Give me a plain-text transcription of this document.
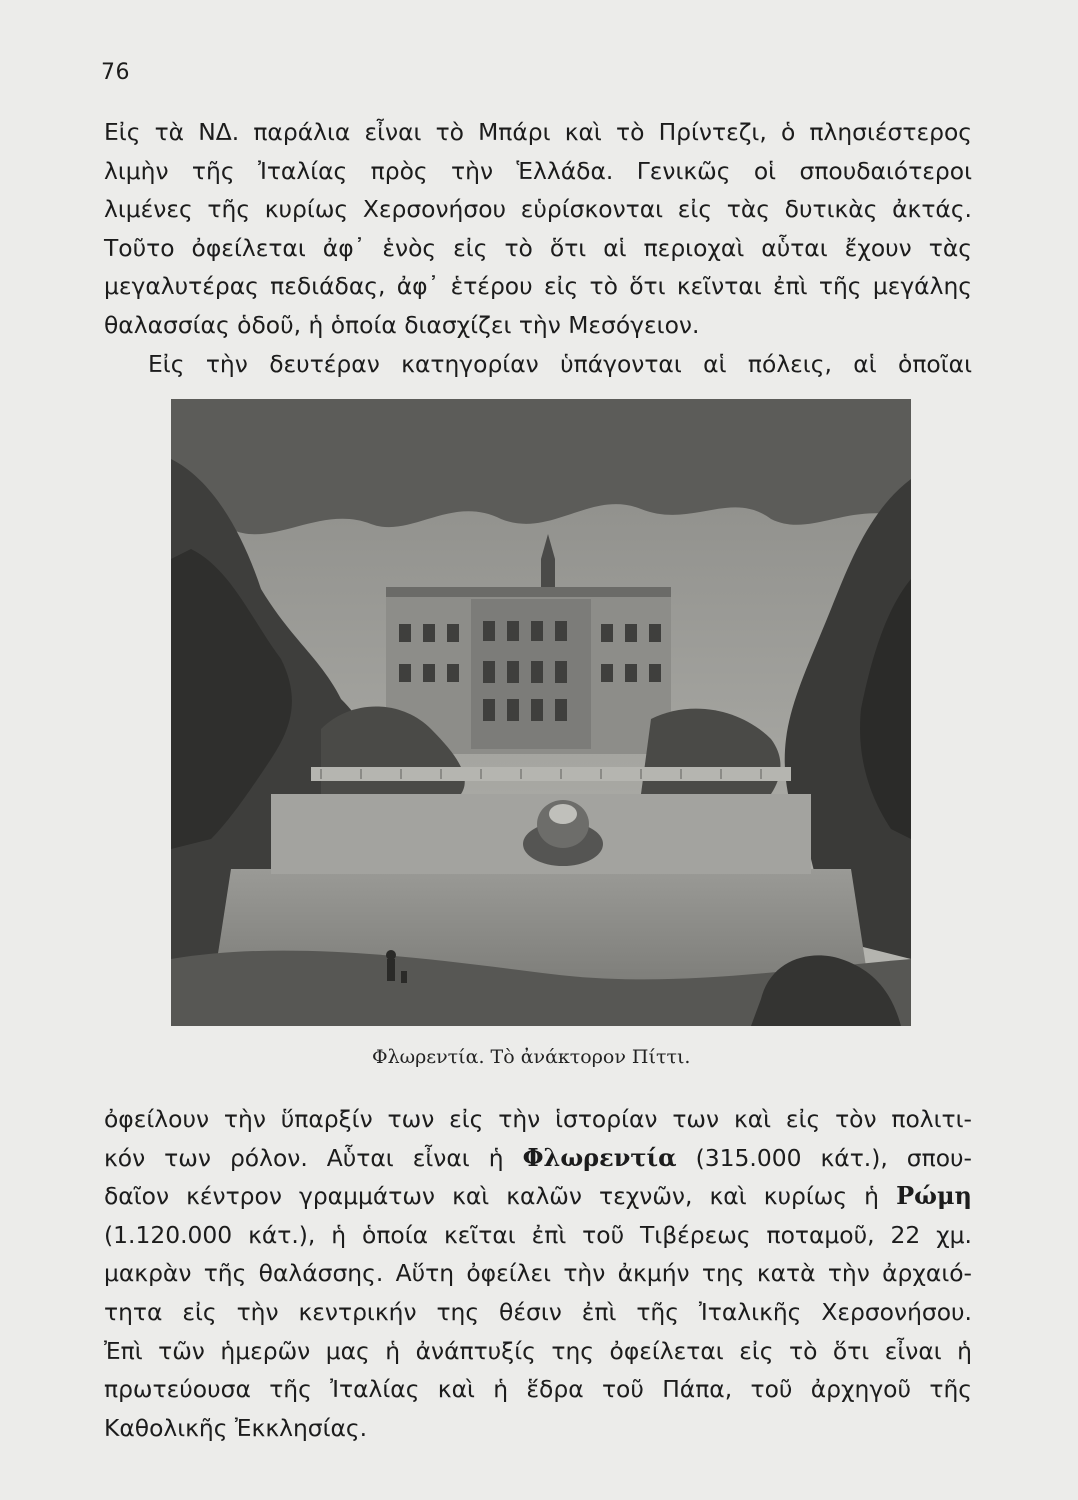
76
Εἰς τὰ ΝΔ. παράλια εἶναι τὸ Μπάρι καὶ τὸ Πρίντεζι, ὁ πλησιέστερος
λιμὴν τῆς Ἰταλίας πρὸς τὴν Ἑλλάδα. Γενικῶς οἱ σπουδαιότεροι
λιμένες τῆς κυρίως Χερσονήσου εὑρίσκονται εἰς τὰς δυτικὰς ἀκτάς.
Τοῦτο ὀφείλεται ἀφ᾽ ἑνὸς εἰς τὸ ὅτι αἱ περιοχαὶ αὗται ἔχουν τὰς
μεγαλυτέρας πεδιάδας, ἀφ᾽ ἑτέρου εἰς τὸ ὅτι κεῖνται ἐπὶ τῆς μεγάλης
θαλασσίας ὁδοῦ, ἡ ὁποία διασχίζει τὴν Μεσόγειον.
Εἰς τὴν δευτέραν κατηγορίαν ὑπάγονται αἱ πόλεις, αἱ ὁποῖαι
Φλωρεντία. Τὸ ἀνάκτορον Πίττι.
ὀφείλουν τὴν ὕπαρξίν των εἰς τὴν ἱστορίαν των καὶ εἰς τὸν πολιτι-
κόν των ρόλον. Αὗται εἶναι ἡ Φλωρεντία (315.000 κάτ.), σπου-
δαῖον κέντρον γραμμάτων καὶ καλῶν τεχνῶν, καὶ κυρίως ἡ Ρώμη
(1.120.000 κάτ.), ἡ ὁποία κεῖται ἐπὶ τοῦ Τιβέρεως ποταμοῦ, 22 χμ.
μακρὰν τῆς θαλάσσης. Αὕτη ὀφείλει τὴν ἀκμήν της κατὰ τὴν ἀρχαιό-
τητα εἰς τὴν κεντρικήν της θέσιν ἐπὶ τῆς Ἰταλικῆς Χερσονήσου.
Ἐπὶ τῶν ἡμερῶν μας ἡ ἀνάπτυξίς της ὀφείλεται εἰς τὸ ὅτι εἶναι ἡ
πρωτεύουσα τῆς Ἰταλίας καὶ ἡ ἕδρα τοῦ Πάπα, τοῦ ἀρχηγοῦ τῆς
Καθολικῆς Ἐκκλησίας.
